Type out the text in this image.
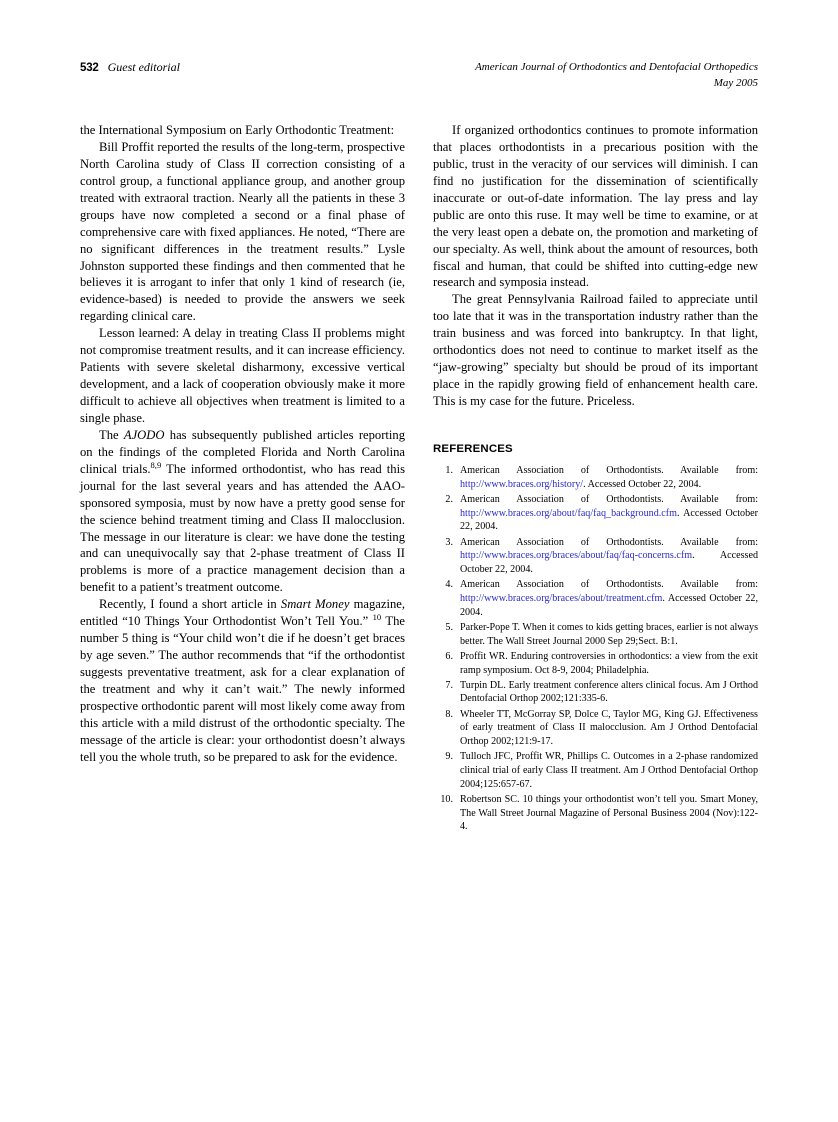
532 Guest editorial	American Journal of Orthodontics and Dentofacial Orthopedics
May 2005

the International Symposium on Early Orthodontic Treatment:

Bill Proffit reported the results of the long-term, prospective North Carolina study of Class II correction consisting of a control group, a functional appliance group, and another group treated with extraoral traction. Nearly all the patients in these 3 groups have now completed a second or a final phase of comprehensive care with fixed appliances. He noted, “There are no significant differences in the treatment results.” Lysle Johnston supported these findings and then commented that he believes it is arrogant to infer that only 1 kind of research (ie, evidence-based) is needed to provide the answers we seek regarding clinical care.

Lesson learned: A delay in treating Class II problems might not compromise treatment results, and it can increase efficiency. Patients with severe skeletal disharmony, excessive vertical development, and a lack of cooperation obviously make it more difficult to achieve all objectives when treatment is limited to a single phase.

The AJODO has subsequently published articles reporting on the findings of the completed Florida and North Carolina clinical trials.$^{8,9}$ The informed orthodontist, who has read this journal for the last several years and has attended the AAO-sponsored symposia, must by now have a pretty good sense for the science behind treatment timing and Class II malocclusion. The message in our literature is clear: we have done the testing and can unequivocally say that 2-phase treatment of Class II problems is more of a practice management decision than a benefit to a patient’s treatment outcome.

Recently, I found a short article in Smart Money magazine, entitled “10 Things Your Orthodontist Won’t Tell You.” $^{10}$ The number 5 thing is “Your child won’t die if he doesn’t get braces by age seven.” The author recommends that “if the orthodontist suggests preventative treatment, ask for a clear explanation of the treatment and why it can’t wait.” The newly informed prospective orthodontic parent will most likely come away from this article with a mild distrust of the orthodontic specialty. The message of the article is clear: your orthodontist doesn’t always tell you the whole truth, so be prepared to ask for the evidence.

If organized orthodontics continues to promote information that places orthodontists in a precarious position with the public, trust in the veracity of our services will diminish. I can find no justification for the dissemination of scientifically inaccurate or out-of-date information. The lay press and lay public are onto this ruse. It may well be time to examine, or at the very least open a debate on, the promotion and marketing of our specialty. As well, think about the amount of resources, both fiscal and human, that could be shifted into cutting-edge new research and symposia instead.

The great Pennsylvania Railroad failed to appreciate until too late that it was in the transportation industry rather than the train business and was forced into bankruptcy. In that light, orthodontics does not need to continue to market itself as the “jaw-growing” specialty but should be proud of its important place in the rapidly growing field of enhancement health care. This is my case for the future. Priceless.

REFERENCES
1. American Association of Orthodontists. Available from: http://www.braces.org/history/. Accessed October 22, 2004.
2. American Association of Orthodontists. Available from: http://www.braces.org/about/faq/faq_background.cfm. Accessed October 22, 2004.
3. American Association of Orthodontists. Available from: http://www.braces.org/braces/about/faq/faq-concerns.cfm. Accessed October 22, 2004.
4. American Association of Orthodontists. Available from: http://www.braces.org/braces/about/treatment.cfm. Accessed October 22, 2004.
5. Parker-Pope T. When it comes to kids getting braces, earlier is not always better. The Wall Street Journal 2000 Sep 29;Sect. B:1.
6. Proffit WR. Enduring controversies in orthodontics: a view from the exit ramp symposium. Oct 8-9, 2004; Philadelphia.
7. Turpin DL. Early treatment conference alters clinical focus. Am J Orthod Dentofacial Orthop 2002;121:335-6.
8. Wheeler TT, McGorray SP, Dolce C, Taylor MG, King GJ. Effectiveness of early treatment of Class II malocclusion. Am J Orthod Dentofacial Orthop 2002;121:9-17.
9. Tulloch JFC, Proffit WR, Phillips C. Outcomes in a 2-phase randomized clinical trial of early Class II treatment. Am J Orthod Dentofacial Orthop 2004;125:657-67.
10. Robertson SC. 10 things your orthodontist won’t tell you. Smart Money, The Wall Street Journal Magazine of Personal Business 2004 (Nov):122-4.
